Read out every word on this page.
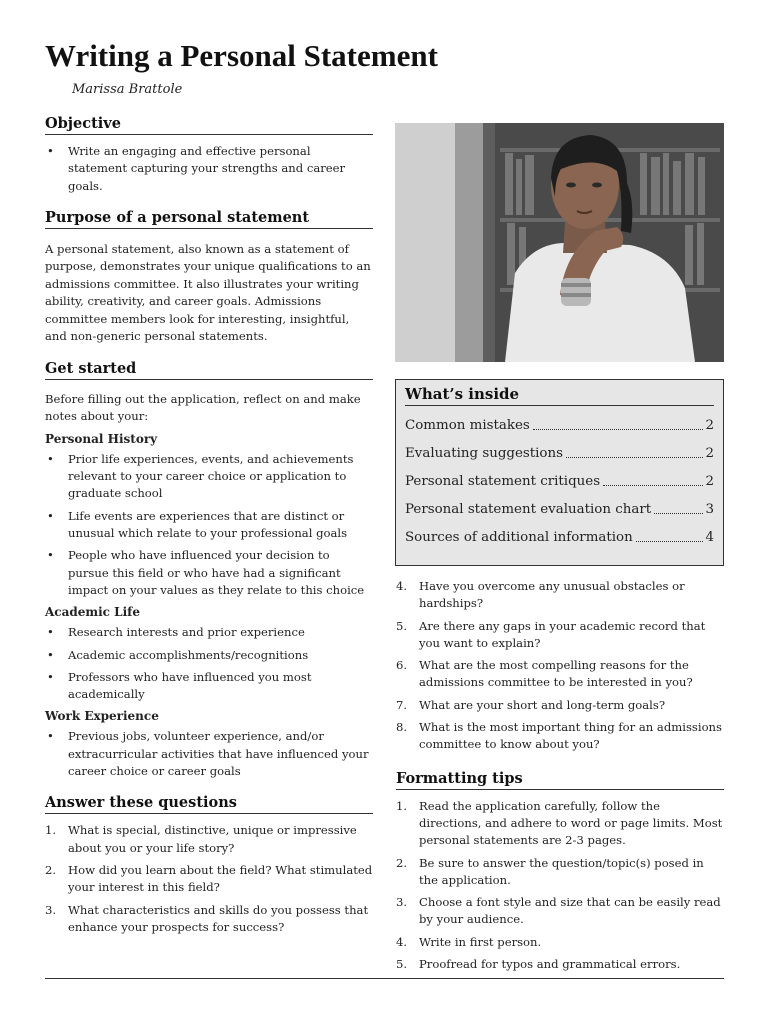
Writing a Personal Statement
Marissa Brattole
Objective
• Write an engaging and effective personal statement capturing your strengths and career goals.
Purpose of a personal statement

A personal statement, also known as a statement of purpose, demonstrates your unique qualifications to an admissions committee. It also illustrates your writing ability, creativity, and career goals. Admissions committee members look for interesting, insightful, and non-generic personal statements.

Get started

Before filling out the application, reflect on and make notes about your:

Personal History
• Prior life experiences, events, and achievements relevant to your career choice or application to graduate school
• Life events are experiences that are distinct or unusual which relate to your professional goals
• People who have influenced your decision to pursue this field or who have had a significant impact on your values as they relate to this choice
Academic Life
• Research interests and prior experience
• Academic accomplishments/recognitions
• Professors who have influenced you most academically
Work Experience
• Previous jobs, volunteer experience, and/or extracurricular activities that have influenced your career choice or career goals
Answer these questions
1. What is special, distinctive, unique or impressive about you or your life story?
2. How did you learn about the field? What stimulated your interest in this field?
3. What characteristics and skills do you possess that enhance your prospects for success?
What’s inside
Common mistakes	2
Evaluating suggestions	2
Personal statement critiques	2
Personal statement evaluation chart	3
Sources of additional information	4
4. Have you overcome any unusual obstacles or hardships?
5. Are there any gaps in your academic record that you want to explain?
6. What are the most compelling reasons for the admissions committee to be interested in you?
7. What are your short and long-term goals?
8. What is the most important thing for an admissions committee to know about you?
Formatting tips
1. Read the application carefully, follow the directions, and adhere to word or page limits. Most personal statements are 2-3 pages.
2. Be sure to answer the question/topic(s) posed in the application.
3. Choose a font style and size that can be easily read by your audience.
4. Write in first person.
5. Proofread for typos and grammatical errors.
